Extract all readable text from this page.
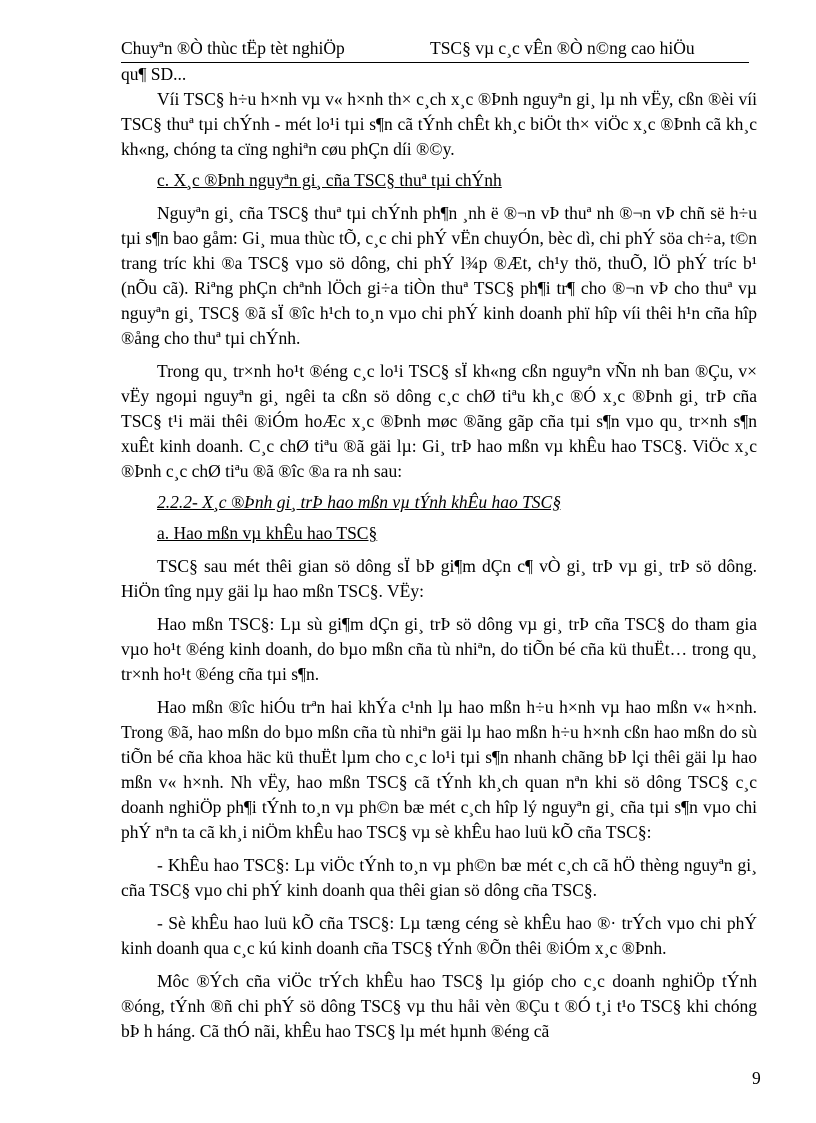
Chuyªn ®Ò thùc tËp tèt nghiÖp	TSC§ vµ c¸c vÊn ®Ò n©ng cao hiÖu

qu¶ SD...

Víi TSC§ h÷u h×nh vµ v« h×nh th× c¸ch x¸c ®Þnh nguyªn gi¸ lµ nh vËy, cßn ®èi víi TSC§ thuª tµi chÝnh - mét lo¹i tµi s¶n cã tÝnh chÊt kh¸c biÖt th× viÖc x¸c ®Þnh cã kh¸c kh«ng, chóng ta cïng nghiªn cøu phÇn díi ®©y.

c. X¸c ®Þnh nguyªn gi¸ cña TSC§ thuª tµi chÝnh

Nguyªn gi¸ cña TSC§ thuª tµi chÝnh ph¶n ¸nh ë ®¬n vÞ thuª nh ®¬n vÞ chñ së h÷u tµi s¶n bao gåm: Gi¸ mua thùc tÕ, c¸c chi phÝ vËn chuyÓn, bèc dì, chi phÝ söa ch÷a, t©n trang tríc khi ®a TSC§ vµo sö dông, chi phÝ l¾p ®Æt, ch¹y thö, thuÕ, lÖ phÝ tríc b¹ (nÕu cã). Riªng phÇn chªnh lÖch gi÷a tiÒn thuª TSC§ ph¶i tr¶ cho ®¬n vÞ cho thuª vµ nguyªn gi¸ TSC§ ®ã sÏ ®îc h¹ch to¸n vµo chi phÝ kinh doanh phï hîp víi thêi h¹n cña hîp ®ång cho thuª tµi chÝnh.

Trong qu¸ tr×nh ho¹t ®éng c¸c lo¹i TSC§ sÏ kh«ng cßn nguyªn vÑn nh ban ®Çu, v× vËy ngoµi nguyªn gi¸ ngêi ta cßn sö dông c¸c chØ tiªu kh¸c ®Ó x¸c ®Þnh gi¸ trÞ cña TSC§ t¹i mäi thêi ®iÓm hoÆc x¸c ®Þnh møc ®ãng gãp cña tµi s¶n vµo qu¸ tr×nh s¶n xuÊt kinh doanh. C¸c chØ tiªu ®ã gäi lµ: Gi¸ trÞ hao mßn vµ khÊu hao TSC§. ViÖc x¸c ®Þnh c¸c chØ tiªu ®ã ®îc ®a ra nh sau:

2.2.2- X¸c ®Þnh gi¸ trÞ hao mßn vµ tÝnh khÊu hao TSC§

a. Hao mßn vµ khÊu hao TSC§

TSC§ sau mét thêi gian sö dông sÏ bÞ gi¶m dÇn c¶ vÒ gi¸ trÞ vµ gi¸ trÞ sö dông. HiÖn tîng nµy gäi lµ hao mßn TSC§. VËy:

Hao mßn TSC§: Lµ sù gi¶m dÇn gi¸ trÞ sö dông vµ gi¸ trÞ cña TSC§ do tham gia vµo ho¹t ®éng kinh doanh, do bµo mßn cña tù nhiªn, do tiÕn bé cña kü thuËt… trong qu¸ tr×nh ho¹t ®éng cña tµi s¶n.

Hao mßn ®îc hiÓu trªn hai khÝa c¹nh lµ hao mßn h÷u h×nh vµ hao mßn v« h×nh. Trong ®ã, hao mßn do bµo mßn cña tù nhiªn gäi lµ hao mßn h÷u h×nh cßn hao mßn do sù tiÕn bé cña khoa häc kü thuËt lµm cho c¸c lo¹i tµi s¶n nhanh chãng bÞ lçi thêi gäi lµ hao mßn v« h×nh. Nh vËy, hao mßn TSC§ cã tÝnh kh¸ch quan nªn khi sö dông TSC§ c¸c doanh nghiÖp ph¶i tÝnh to¸n vµ ph©n bæ mét c¸ch hîp lý nguyªn gi¸ cña tµi s¶n vµo chi phÝ nªn ta cã kh¸i niÖm khÊu hao TSC§ vµ sè khÊu hao luü kÕ cña TSC§:

- KhÊu hao TSC§: Lµ viÖc tÝnh to¸n vµ ph©n bæ mét c¸ch cã hÖ thèng nguyªn gi¸ cña TSC§ vµo chi phÝ kinh doanh qua thêi gian sö dông cña TSC§.

- Sè khÊu hao luü kÕ cña TSC§: Lµ tæng céng sè khÊu hao ®· trÝch vµo chi phÝ kinh doanh qua c¸c kú kinh doanh cña TSC§ tÝnh ®Õn thêi ®iÓm x¸c ®Þnh.

Môc ®Ých cña viÖc trÝch khÊu hao TSC§ lµ gióp cho c¸c doanh nghiÖp tÝnh ®óng, tÝnh ®ñ chi phÝ sö dông TSC§ vµ thu håi vèn ®Çu t ®Ó t¸i t¹o TSC§ khi chóng bÞ h háng. Cã thÓ nãi, khÊu hao TSC§ lµ mét hµnh ®éng cã

9
